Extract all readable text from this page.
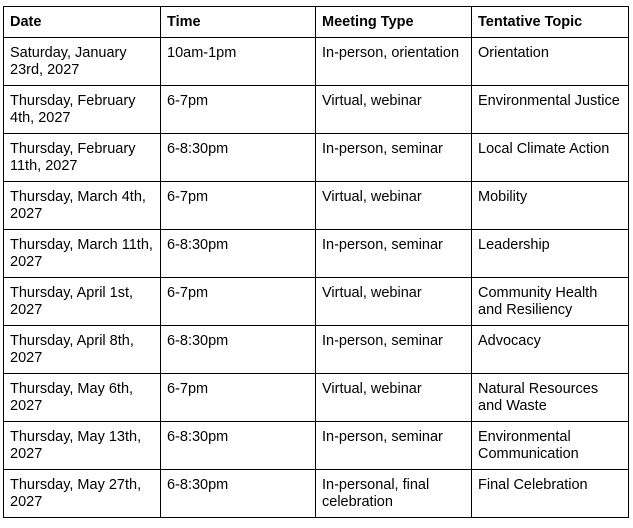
Date	Time	Meeting Type	Tentative Topic
Saturday, January 23rd, 2027	10am-1pm	In-person, orientation	Orientation
Thursday, February 4th, 2027	6-7pm	Virtual, webinar	Environmental Justice
Thursday, February 11th, 2027	6-8:30pm	In-person, seminar	Local Climate Action
Thursday, March 4th, 2027	6-7pm	Virtual, webinar	Mobility
Thursday, March 11th, 2027	6-8:30pm	In-person, seminar	Leadership
Thursday, April 1st, 2027	6-7pm	Virtual, webinar	Community Health and Resiliency
Thursday, April 8th, 2027	6-8:30pm	In-person, seminar	Advocacy
Thursday, May 6th, 2027	6-7pm	Virtual, webinar	Natural Resources and Waste
Thursday, May 13th, 2027	6-8:30pm	In-person, seminar	Environmental Communication
Thursday, May 27th, 2027	6-8:30pm	In-personal, final celebration	Final Celebration
